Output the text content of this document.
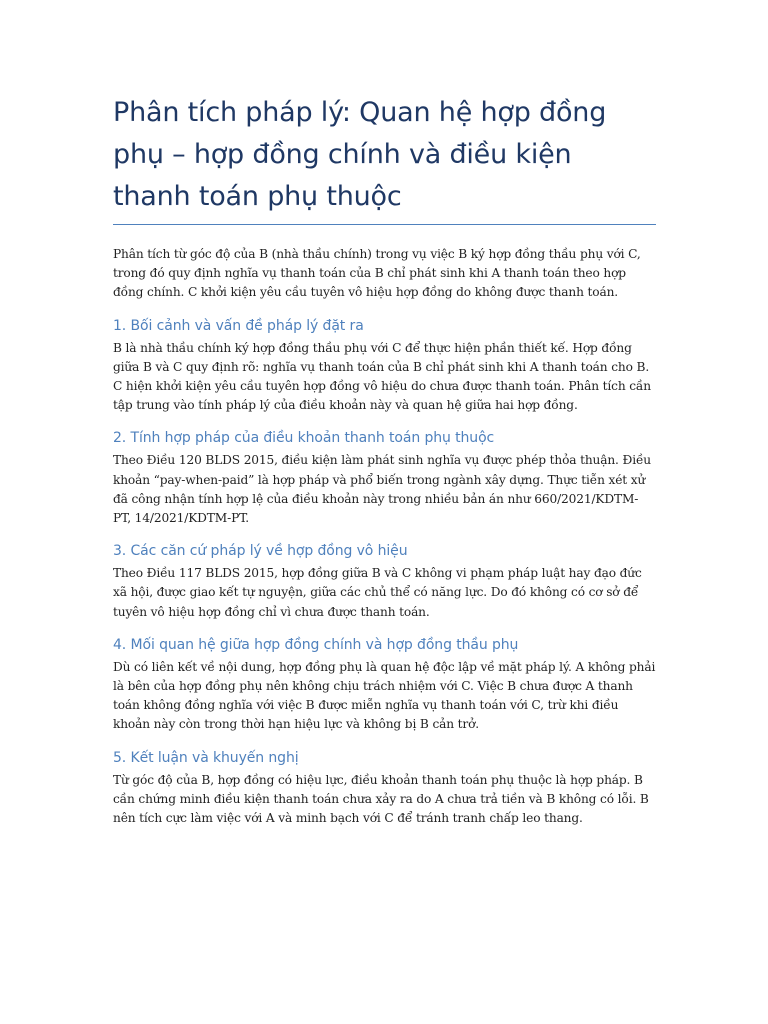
Phân tích pháp lý: Quan hệ hợp đồng phụ – hợp đồng chính và điều kiện thanh toán phụ thuộc

Phân tích từ góc độ của B (nhà thầu chính) trong vụ việc B ký hợp đồng thầu phụ với C, trong đó quy định nghĩa vụ thanh toán của B chỉ phát sinh khi A thanh toán theo hợp đồng chính. C khởi kiện yêu cầu tuyên vô hiệu hợp đồng do không được thanh toán.

1. Bối cảnh và vấn đề pháp lý đặt ra

B là nhà thầu chính ký hợp đồng thầu phụ với C để thực hiện phần thiết kế. Hợp đồng giữa B và C quy định rõ: nghĩa vụ thanh toán của B chỉ phát sinh khi A thanh toán cho B. C hiện khởi kiện yêu cầu tuyên hợp đồng vô hiệu do chưa được thanh toán. Phân tích cần tập trung vào tính pháp lý của điều khoản này và quan hệ giữa hai hợp đồng.

2. Tính hợp pháp của điều khoản thanh toán phụ thuộc

Theo Điều 120 BLDS 2015, điều kiện làm phát sinh nghĩa vụ được phép thỏa thuận. Điều khoản “pay-when-paid” là hợp pháp và phổ biến trong ngành xây dựng. Thực tiễn xét xử đã công nhận tính hợp lệ của điều khoản này trong nhiều bản án như 660/2021/KDTM-PT, 14/2021/KDTM-PT.

3. Các căn cứ pháp lý về hợp đồng vô hiệu

Theo Điều 117 BLDS 2015, hợp đồng giữa B và C không vi phạm pháp luật hay đạo đức xã hội, được giao kết tự nguyện, giữa các chủ thể có năng lực. Do đó không có cơ sở để tuyên vô hiệu hợp đồng chỉ vì chưa được thanh toán.

4. Mối quan hệ giữa hợp đồng chính và hợp đồng thầu phụ

Dù có liên kết về nội dung, hợp đồng phụ là quan hệ độc lập về mặt pháp lý. A không phải là bên của hợp đồng phụ nên không chịu trách nhiệm với C. Việc B chưa được A thanh toán không đồng nghĩa với việc B được miễn nghĩa vụ thanh toán với C, trừ khi điều khoản này còn trong thời hạn hiệu lực và không bị B cản trở.

5. Kết luận và khuyến nghị

Từ góc độ của B, hợp đồng có hiệu lực, điều khoản thanh toán phụ thuộc là hợp pháp. B cần chứng minh điều kiện thanh toán chưa xảy ra do A chưa trả tiền và B không có lỗi. B nên tích cực làm việc với A và minh bạch với C để tránh tranh chấp leo thang.
